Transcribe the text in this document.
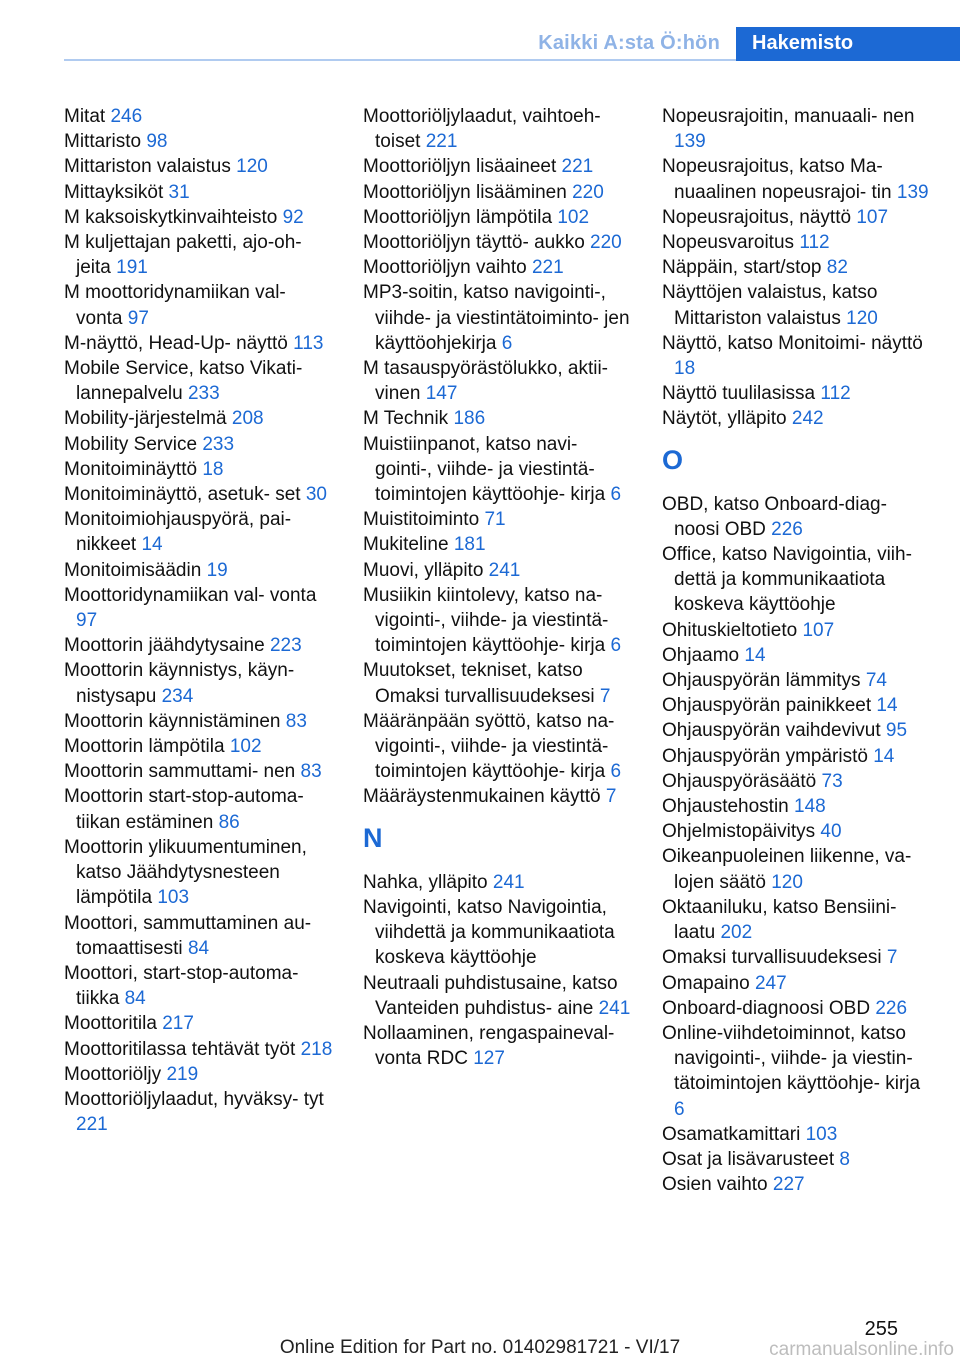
Kaikki A:sta Ö:hön	Hakemisto
Mitat 246
Mittaristo 98
Mittariston valaistus 120
Mittayksiköt 31
M kaksoiskytkinvaihteisto 92
M kuljettajan paketti, ajo-oh‐ jeita 191
M moottoridynamiikan val‐ vonta 97
M-näyttö, Head-Up- näyttö 113
Mobile Service, katso Vikati‐ lannepalvelu 233
Mobility-järjestelmä 208
Mobility Service 233
Monitoiminäyttö 18
Monitoiminäyttö, asetuk‐ set 30
Monitoimiohjauspyörä, pai‐ nikkeet 14
Monitoimisäädin 19
Moottoridynamiikan val‐ vonta 97
Moottorin jäähdytysaine 223
Moottorin käynnistys, käyn‐ nistysapu 234
Moottorin käynnistäminen 83
Moottorin lämpötila 102
Moottorin sammuttami‐ nen 83
Moottorin start-stop-automa‐ tiikan estäminen 86
Moottorin ylikuumentuminen, katso Jäähdytysnesteen lämpötila 103
Moottori, sammuttaminen au‐ tomaattisesti 84
Moottori, start-stop-automa‐ tiikka 84
Moottoritila 217
Moottoritilassa tehtävät työt 218
Moottoriöljy 219
Moottoriöljylaadut, hyväksy‐ tyt 221
Moottoriöljylaadut, vaihtoeh‐ toiset 221
Moottoriöljyn lisäaineet 221
Moottoriöljyn lisääminen 220
Moottoriöljyn lämpötila 102
Moottoriöljyn täyttö‐ aukko 220
Moottoriöljyn vaihto 221
MP3-soitin, katso navigointi-, viihde- ja viestintätoiminto‐ jen käyttöohjekirja 6
M tasauspyörästölukko, aktii‐ vinen 147
M Technik 186
Muistiinpanot, katso navi‐ gointi-, viihde- ja viestintä‐ toimintojen käyttöohje‐ kirja 6
Muistitoiminto 71
Mukiteline 181
Muovi, ylläpito 241
Musiikin kiintolevy, katso na‐ vigointi-, viihde- ja viestintä‐ toimintojen käyttöohje‐ kirja 6
Muutokset, tekniset, katso Omaksi turvallisuudeksesi 7
Määränpään syöttö, katso na‐ vigointi-, viihde- ja viestintä‐ toimintojen käyttöohje‐ kirja 6
Määräystenmukainen käyttö 7
N
Nahka, ylläpito 241
Navigointi, katso Navigointia, viihdettä ja kommunikaatiota koskeva käyttöohje
Neutraali puhdistusaine, katso Vanteiden puhdistus‐ aine 241
Nollaaminen, rengaspaineval‐ vonta RDC 127
Nopeusrajoitin, manuaali‐ nen 139
Nopeusrajoitus, katso Ma‐ nuaalinen nopeusrajoi‐ tin 139
Nopeusrajoitus, näyttö 107
Nopeusvaroitus 112
Näppäin, start/stop 82
Näyttöjen valaistus, katso Mittariston valaistus 120
Näyttö, katso Monitoimi‐ näyttö 18
Näyttö tuulilasissa 112
Näytöt, ylläpito 242
O
OBD, katso Onboard-diag‐ noosi OBD 226
Office, katso Navigointia, viih‐ dettä ja kommunikaatiota koskeva käyttöohje
Ohituskieltotieto 107
Ohjaamo 14
Ohjauspyörän lämmitys 74
Ohjauspyörän painikkeet 14
Ohjauspyörän vaihdevivut 95
Ohjauspyörän ympäristö 14
Ohjauspyöräsäätö 73
Ohjaustehostin 148
Ohjelmistopäivitys 40
Oikeanpuoleinen liikenne, va‐ lojen säätö 120
Oktaaniluku, katso Bensiini‐ laatu 202
Omaksi turvallisuudeksesi 7
Omapaino 247
Onboard-diagnoosi OBD 226
Online-viihdetoiminnot, katso navigointi-, viihde- ja viestin‐ tätoimintojen käyttöohje‐ kirja 6
Osamatkamittari 103
Osat ja lisävarusteet 8
Osien vaihto 227
255
Online Edition for Part no. 01402981721 - VI/17	carmanualsonline.info
